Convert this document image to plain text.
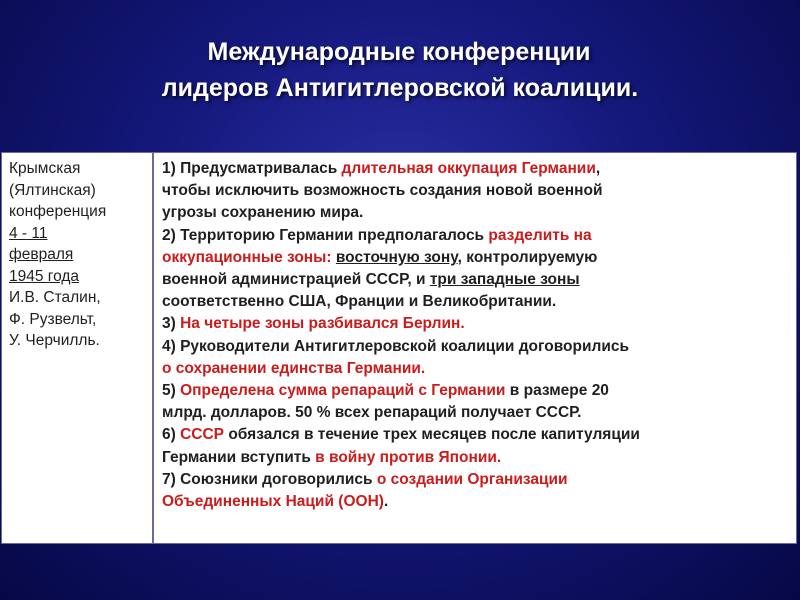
Международные конференции
лидеров Антигитлеровской коалиции.
Крымская
(Ялтинская)
конференция
4 - 11
февраля
1945 года
И.В. Сталин,
Ф. Рузвельт,
У. Черчилль.
1) Предусматривалась длительная оккупация Германии,
чтобы исключить возможность создания новой военной
угрозы сохранению мира.
2) Территорию Германии предполагалось разделить на
оккупационные зоны: восточную зону, контролируемую
военной администрацией СССР, и три западные зоны
соответственно США, Франции и Великобритании.
3) На четыре зоны разбивался Берлин.
4) Руководители Антигитлеровской коалиции договорились
о сохранении единства Германии.
5) Определена сумма репараций с Германии в размере 20
млрд. долларов. 50 % всех репараций получает СССР.
6) СССР обязался в течение трех месяцев после капитуляции
Германии вступить в войну против Японии.
7) Союзники договорились о создании Организации
Объединенных Наций (ООН).
